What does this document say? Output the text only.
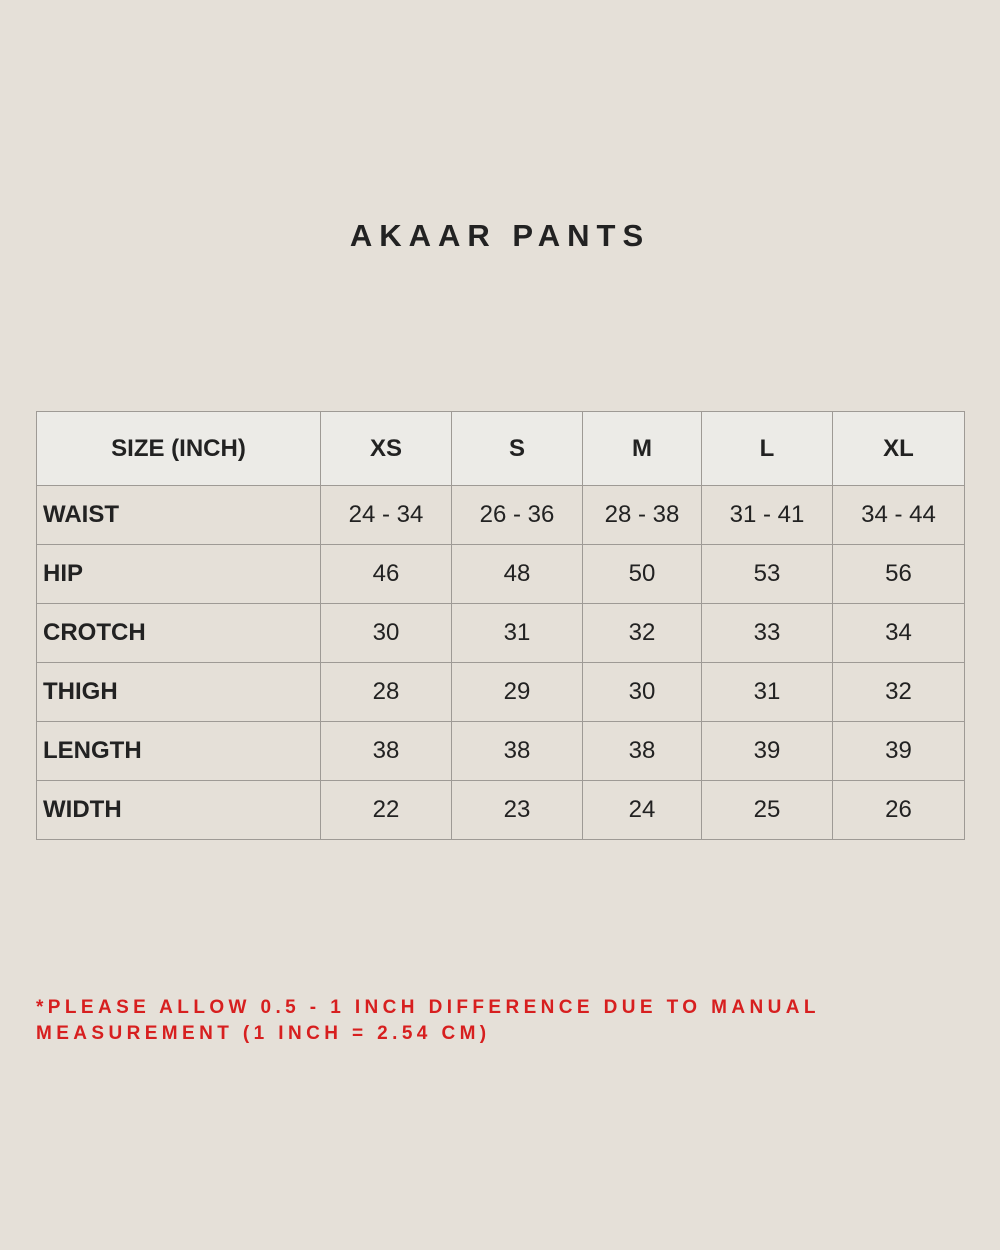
AKAAR PANTS
SIZE (INCH)	XS	S	M	L	XL
WAIST	24 - 34	26 - 36	28 - 38	31 - 41	34 - 44
HIP	46	48	50	53	56
CROTCH	30	31	32	33	34
THIGH	28	29	30	31	32
LENGTH	38	38	38	39	39
WIDTH	22	23	24	25	26

*PLEASE ALLOW 0.5 - 1 INCH DIFFERENCE DUE TO MANUAL MEASUREMENT (1 INCH = 2.54 CM)
